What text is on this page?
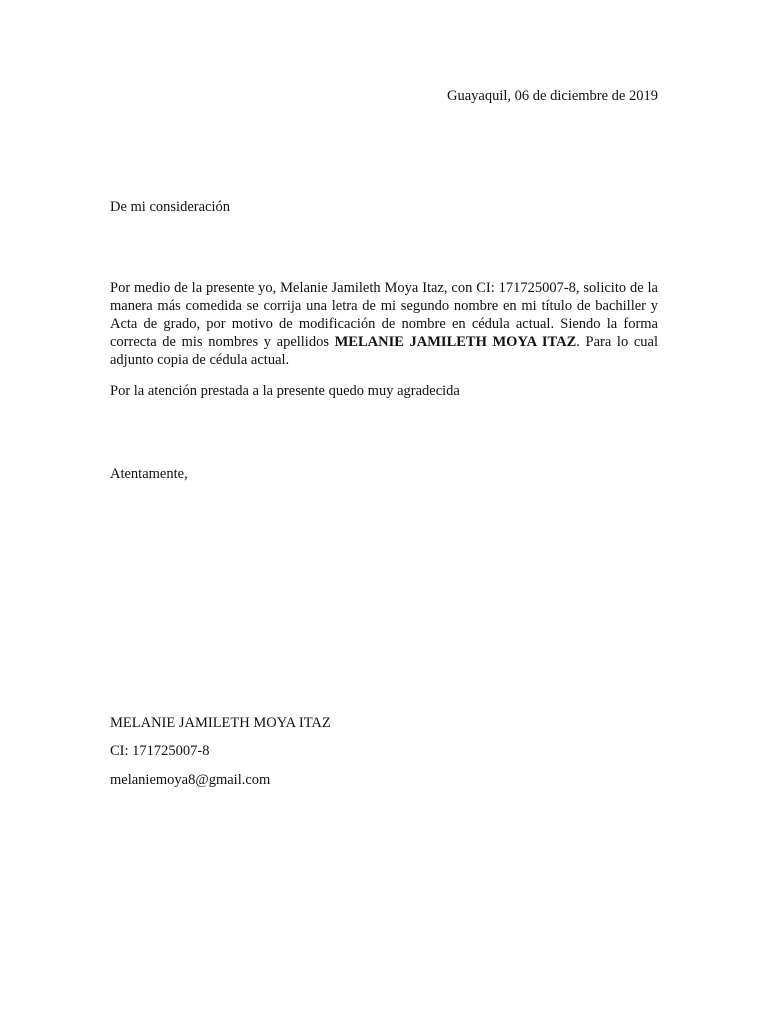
Guayaquil, 06 de diciembre de 2019
De mi consideración
Por medio de la presente yo, Melanie Jamileth Moya Itaz, con CI: 171725007-8, solicito de la manera más comedida se corrija una letra de mi segundo nombre en mi título de bachiller y Acta de grado, por motivo de modificación de nombre en cédula actual. Siendo la forma correcta de mis nombres y apellidos MELANIE JAMILETH MOYA ITAZ. Para lo cual adjunto copia de cédula actual.
Por la atención prestada a la presente quedo muy agradecida
Atentamente,
MELANIE JAMILETH MOYA ITAZ
CI: 171725007-8
melaniemoya8@gmail.com
